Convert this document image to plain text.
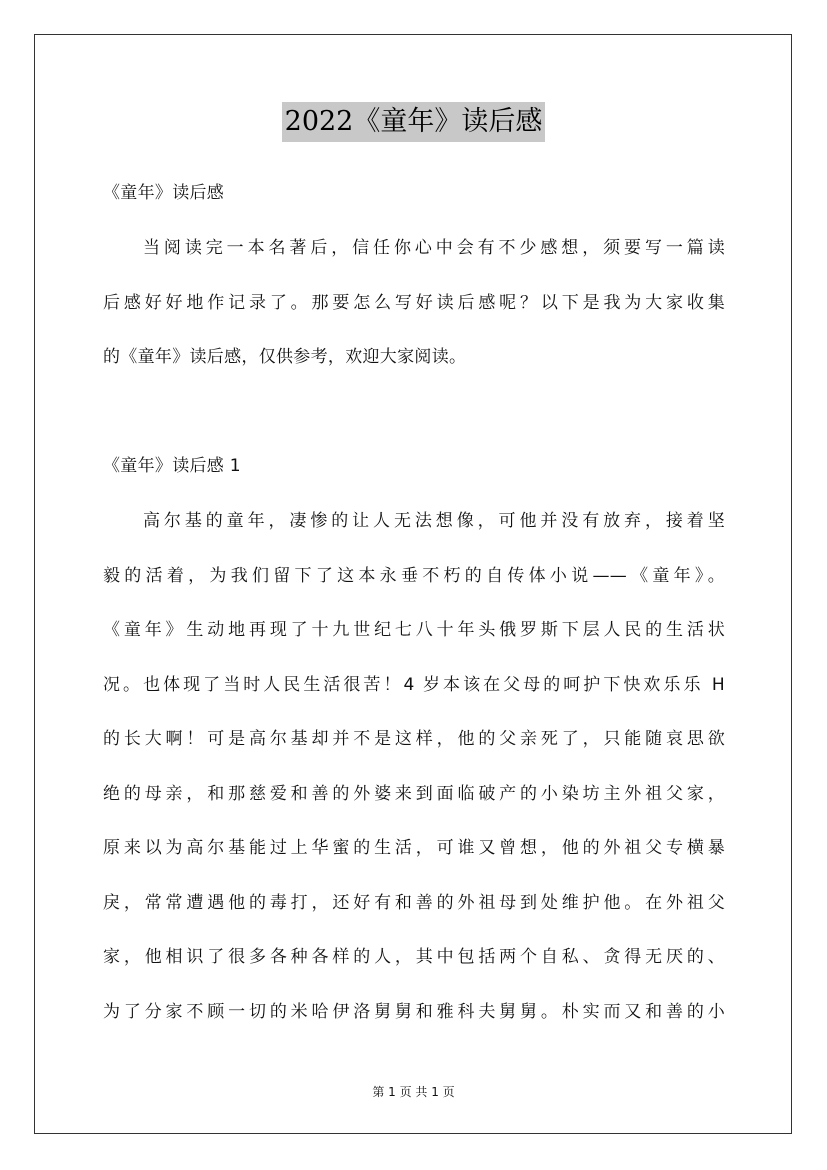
2022《童年》读后感
《童年》读后感
当阅读完一本名著后，信任你心中会有不少感想，须要写一篇读
后感好好地作记录了。那要怎么写好读后感呢？以下是我为大家收集
的《童年》读后感，仅供参考，欢迎大家阅读。
《童年》读后感 1
高尔基的童年，凄惨的让人无法想像，可他并没有放弃，接着坚
毅的活着，为我们留下了这本永垂不朽的自传体小说——《童年》。
《童年》生动地再现了十九世纪七八十年头俄罗斯下层人民的生活状
况。也体现了当时人民生活很苦！4 岁本该在父母的呵护下快欢乐乐 H
的长大啊！可是高尔基却并不是这样，他的父亲死了，只能随哀思欲
绝的母亲，和那慈爱和善的外婆来到面临破产的小染坊主外祖父家，
原来以为高尔基能过上华蜜的生活，可谁又曾想，他的外祖父专横暴
戾，常常遭遇他的毒打，还好有和善的外祖母到处维护他。在外祖父
家，他相识了很多各种各样的人，其中包括两个自私、贪得无厌的、
为了分家不顾一切的米哈伊洛舅舅和雅科夫舅舅。朴实而又和善的小
第 1 页 共 1 页
